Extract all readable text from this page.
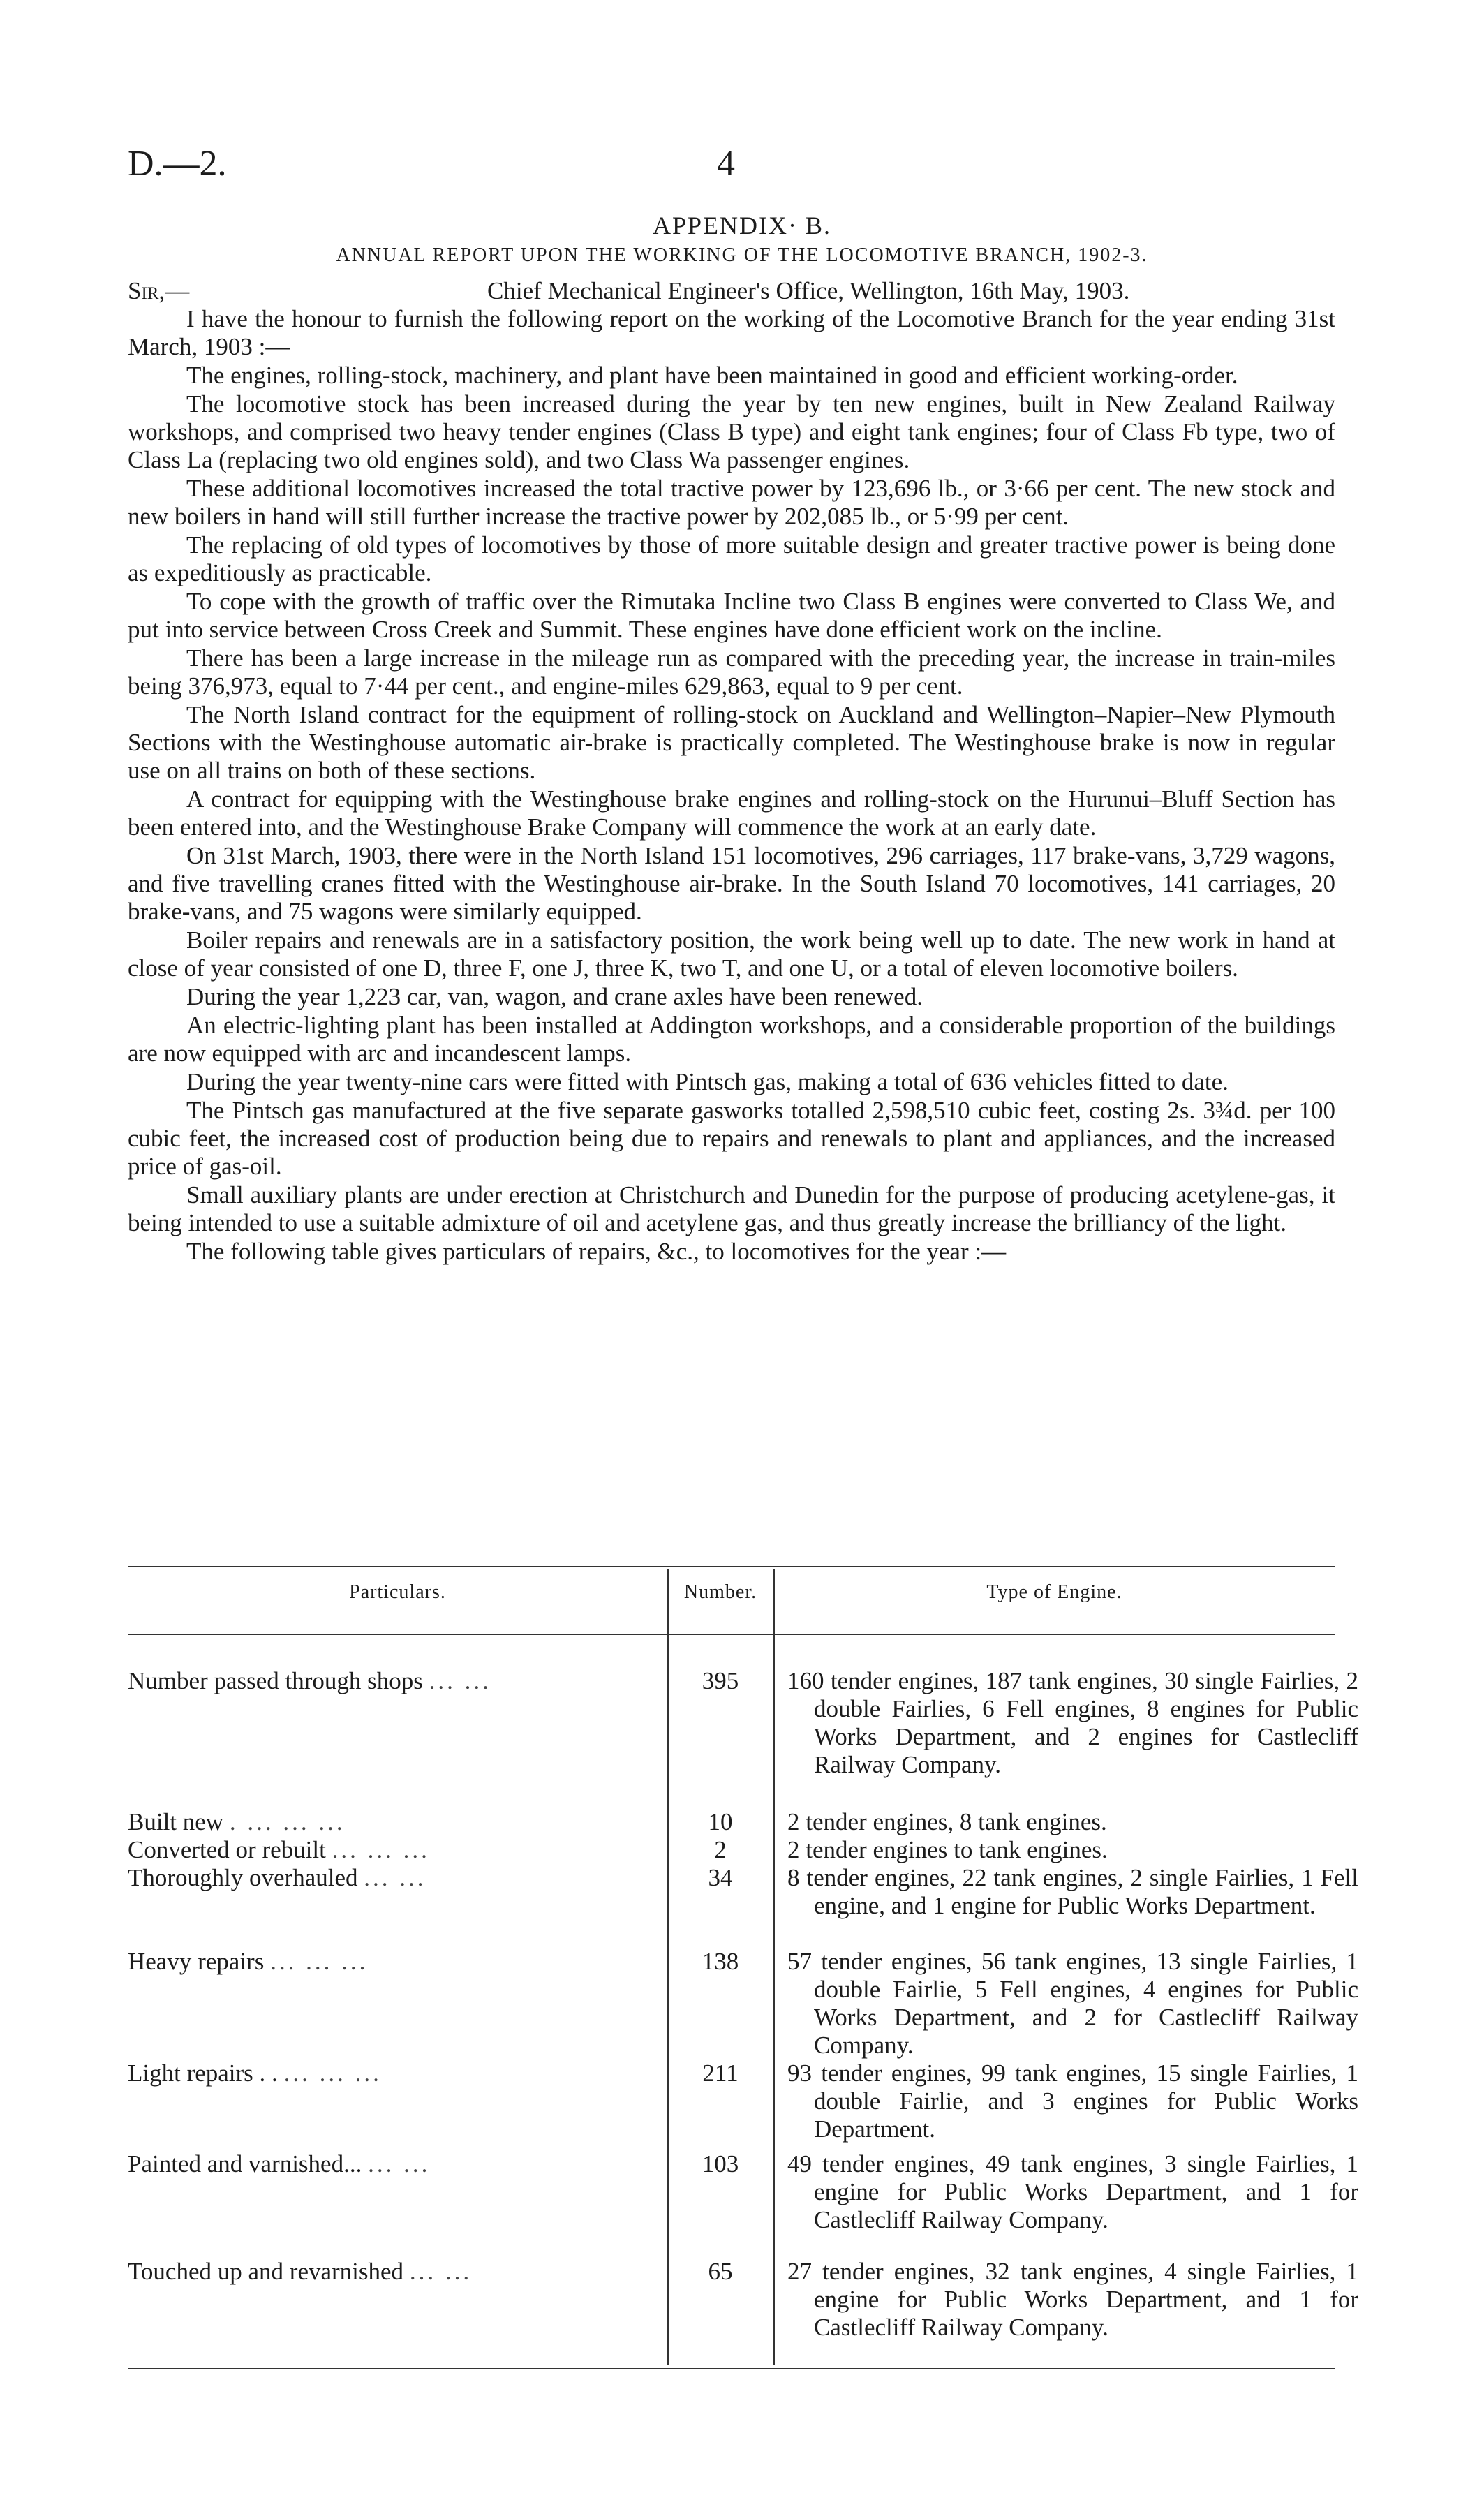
D.—2.	4
APPENDIX· B.
ANNUAL REPORT UPON THE WORKING OF THE LOCOMOTIVE BRANCH, 1902-3.
Sir,—	Chief Mechanical Engineer's Office, Wellington, 16th May, 1903.

I have the honour to furnish the following report on the working of the Locomotive Branch for the year ending 31st March, 1903 :—

The engines, rolling-stock, machinery, and plant have been maintained in good and efficient working-order.

The locomotive stock has been increased during the year by ten new engines, built in New Zealand Railway workshops, and comprised two heavy tender engines (Class B type) and eight tank engines; four of Class Fb type, two of Class La (replacing two old engines sold), and two Class Wa passenger engines.

These additional locomotives increased the total tractive power by 123,696 lb., or 3·66 per cent. The new stock and new boilers in hand will still further increase the tractive power by 202,085 lb., or 5·99 per cent.

The replacing of old types of locomotives by those of more suitable design and greater tractive power is being done as expeditiously as practicable.

To cope with the growth of traffic over the Rimutaka Incline two Class B engines were converted to Class We, and put into service between Cross Creek and Summit. These engines have done efficient work on the incline.

There has been a large increase in the mileage run as compared with the preceding year, the increase in train-miles being 376,973, equal to 7·44 per cent., and engine-miles 629,863, equal to 9 per cent.

The North Island contract for the equipment of rolling-stock on Auckland and Wellington–Napier–New Plymouth Sections with the Westinghouse automatic air-brake is practically completed. The Westinghouse brake is now in regular use on all trains on both of these sections.

A contract for equipping with the Westinghouse brake engines and rolling-stock on the Hurunui–Bluff Section has been entered into, and the Westinghouse Brake Company will commence the work at an early date.

On 31st March, 1903, there were in the North Island 151 locomotives, 296 carriages, 117 brake-vans, 3,729 wagons, and five travelling cranes fitted with the Westinghouse air-brake. In the South Island 70 locomotives, 141 carriages, 20 brake-vans, and 75 wagons were similarly equipped.

Boiler repairs and renewals are in a satisfactory position, the work being well up to date. The new work in hand at close of year consisted of one D, three F, one J, three K, two T, and one U, or a total of eleven locomotive boilers.

During the year 1,223 car, van, wagon, and crane axles have been renewed.

An electric-lighting plant has been installed at Addington workshops, and a considerable proportion of the buildings are now equipped with arc and incandescent lamps.

During the year twenty-nine cars were fitted with Pintsch gas, making a total of 636 vehicles fitted to date.

The Pintsch gas manufactured at the five separate gasworks totalled 2,598,510 cubic feet, costing 2s. 3¾d. per 100 cubic feet, the increased cost of production being due to repairs and renewals to plant and appliances, and the increased price of gas-oil.

Small auxiliary plants are under erection at Christchurch and Dunedin for the purpose of producing acetylene-gas, it being intended to use a suitable admixture of oil and acetylene gas, and thus greatly increase the brilliancy of the light.

The following table gives particulars of repairs, &c., to locomotives for the year :—

Particulars.	Number.	Type of Engine.
Number passed through shops ... ...	395	160 tender engines, 187 tank engines, 30 single Fairlies, 2 double Fairlies, 6 Fell engines, 8 engines for Public Works Department, and 2 engines for Castlecliff Railway Company.
Built new . ... ... ...	10	2 tender engines, 8 tank engines.
Converted or rebuilt ... ... ...	2	2 tender engines to tank engines.
Thoroughly overhauled ... ...	34	8 tender engines, 22 tank engines, 2 single Fairlies, 1 Fell engine, and 1 engine for Public Works Department.
Heavy repairs ... ... ...	138	57 tender engines, 56 tank engines, 13 single Fairlies, 1 double Fairlie, 5 Fell engines, 4 engines for Public Works Department, and 2 for Castlecliff Railway Company.
Light repairs . . ... ... ...	211	93 tender engines, 99 tank engines, 15 single Fairlies, 1 double Fairlie, and 3 engines for Public Works Department.
Painted and varnished... ... ...	103	49 tender engines, 49 tank engines, 3 single Fairlies, 1 engine for Public Works Department, and 1 for Castlecliff Railway Company.
Touched up and revarnished ... ...	65	27 tender engines, 32 tank engines, 4 single Fairlies, 1 engine for Public Works Department, and 1 for Castlecliff Railway Company.
